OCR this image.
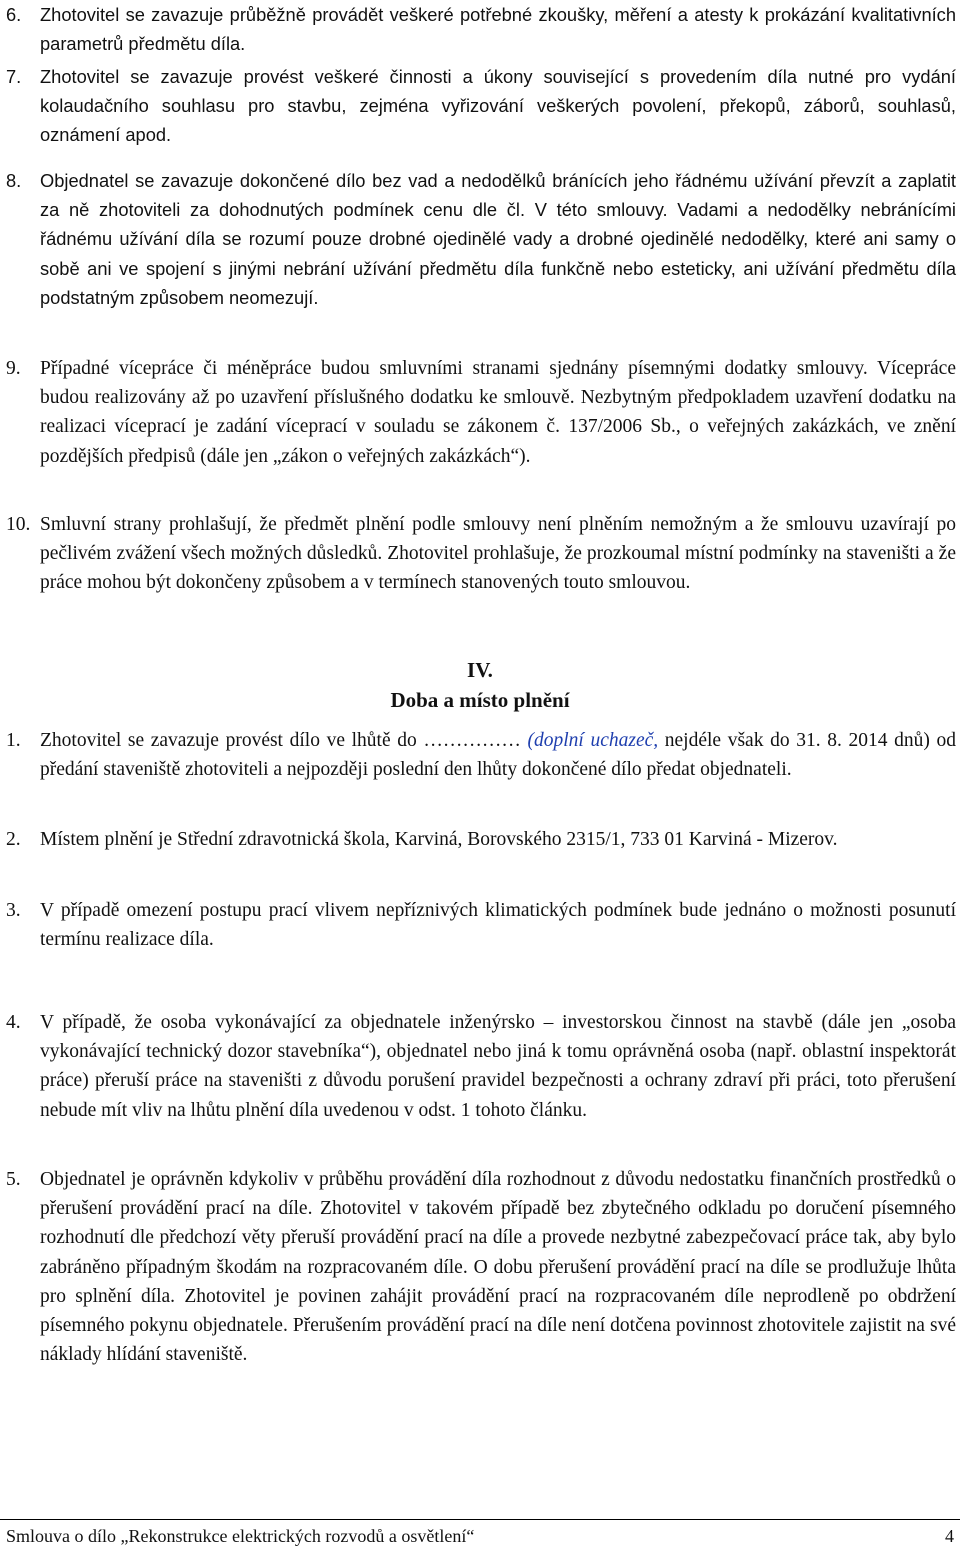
6.	Zhotovitel se zavazuje průběžně provádět veškeré potřebné zkoušky, měření a atesty k prokázání kvalitativních parametrů předmětu díla.
7.	Zhotovitel se zavazuje provést veškeré činnosti a úkony související s provedením díla nutné pro vydání kolaudačního souhlasu pro stavbu, zejména vyřizování veškerých povolení, překopů, záborů, souhlasů, oznámení apod.
8.	Objednatel se zavazuje dokončené dílo bez vad a nedodělků bránících jeho řádnému užívání převzít a zaplatit za ně zhotoviteli za dohodnutých podmínek cenu dle čl. V této smlouvy. Vadami a nedodělky nebránícími řádnému užívání díla se rozumí pouze drobné ojedinělé vady a drobné ojedinělé nedodělky, které ani samy o sobě ani ve spojení s jinými nebrání užívání předmětu díla funkčně nebo esteticky, ani užívání předmětu díla podstatným způsobem neomezují.
9. Případné vícepráce či méněpráce budou smluvními stranami sjednány písemnými dodatky smlouvy. Vícepráce budou realizovány až po uzavření příslušného dodatku ke smlouvě. Nezbytným předpokladem uzavření dodatku na realizaci víceprací je zadání víceprací v souladu se zákonem č. 137/2006 Sb., o veřejných zakázkách, ve znění pozdějších předpisů (dále jen „zákon o veřejných zakázkách“).
10. Smluvní strany prohlašují, že předmět plnění podle smlouvy není plněním nemožným a že smlouvu uzavírají po pečlivém zvážení všech možných důsledků. Zhotovitel prohlašuje, že prozkoumal místní podmínky na staveništi a že práce mohou být dokončeny způsobem a v termínech stanovených touto smlouvou.
IV.
Doba a místo plnění
1. Zhotovitel se zavazuje provést dílo ve lhůtě do …………… (doplní uchazeč, nejdéle však do 31. 8. 2014 dnů) od předání staveniště zhotoviteli a nejpozději poslední den lhůty dokončené dílo předat objednateli.
2. Místem plnění je Střední zdravotnická škola, Karviná, Borovského 2315/1, 733 01 Karviná - Mizerov.
3. V případě omezení postupu prací vlivem nepříznivých klimatických podmínek bude jednáno o možnosti posunutí termínu realizace díla.
4. V případě, že osoba vykonávající za objednatele inženýrsko – investorskou činnost na stavbě (dále jen „osoba vykonávající technický dozor stavebníka“), objednatel nebo jiná k tomu oprávněná osoba (např. oblastní inspektorát práce) přeruší práce na staveništi z důvodu porušení pravidel bezpečnosti a ochrany zdraví při práci, toto přerušení nebude mít vliv na lhůtu plnění díla uvedenou v odst. 1 tohoto článku.
5. Objednatel je oprávněn kdykoliv v průběhu provádění díla rozhodnout z důvodu nedostatku finančních prostředků o přerušení provádění prací na díle. Zhotovitel v takovém případě bez zbytečného odkladu po doručení písemného rozhodnutí dle předchozí věty přeruší provádění prací na díle a provede nezbytné zabezpečovací práce tak, aby bylo zabráněno případným škodám na rozpracovaném díle. O dobu přerušení provádění prací na díle se prodlužuje lhůta pro splnění díla. Zhotovitel je povinen zahájit provádění prací na rozpracovaném díle neprodleně po obdržení písemného pokynu objednatele. Přerušením provádění prací na díle není dotčena povinnost zhotovitele zajistit na své náklady hlídání staveniště.
Smlouva o dílo „Rekonstrukce elektrických rozvodů a osvětlení“	4
